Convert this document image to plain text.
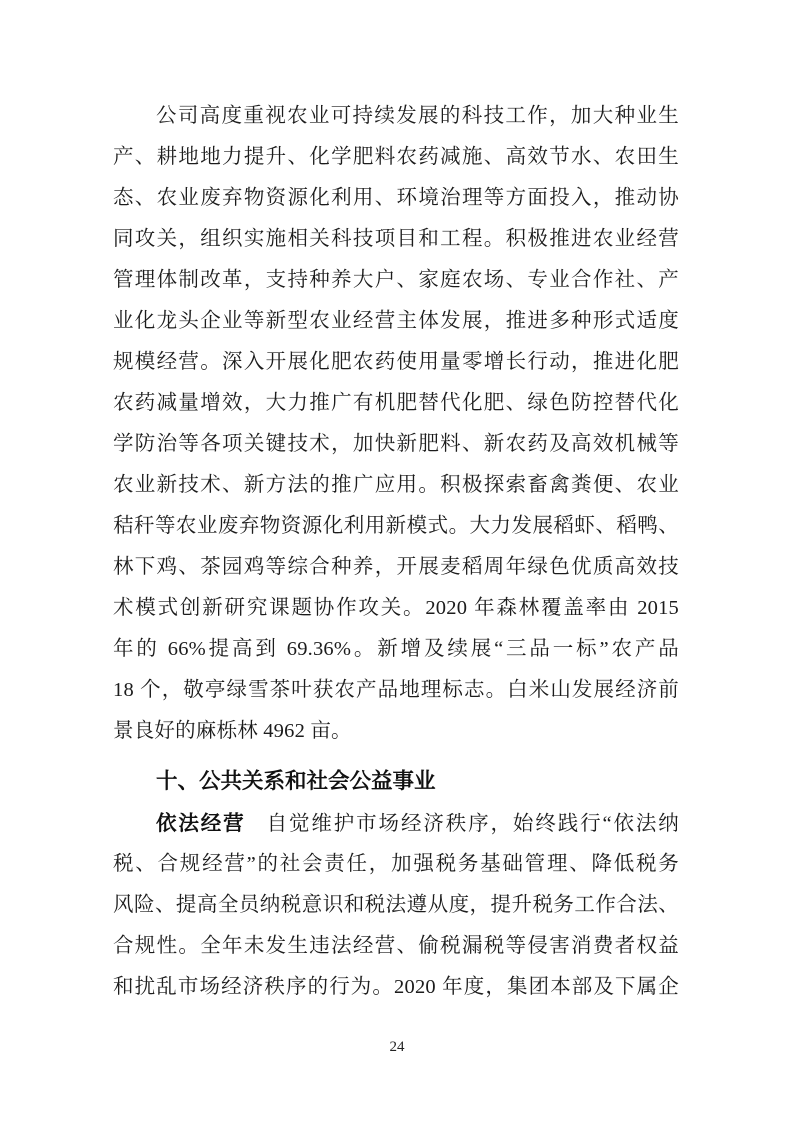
公司高度重视农业可持续发展的科技工作，加大种业生
产、耕地地力提升、化学肥料农药减施、高效节水、农田生
态、农业废弃物资源化利用、环境治理等方面投入，推动协
同攻关，组织实施相关科技项目和工程。积极推进农业经营
管理体制改革，支持种养大户、家庭农场、专业合作社、产
业化龙头企业等新型农业经营主体发展，推进多种形式适度
规模经营。深入开展化肥农药使用量零增长行动，推进化肥
农药减量增效，大力推广有机肥替代化肥、绿色防控替代化
学防治等各项关键技术，加快新肥料、新农药及高效机械等
农业新技术、新方法的推广应用。积极探索畜禽粪便、农业
秸秆等农业废弃物资源化利用新模式。大力发展稻虾、稻鸭、
林下鸡、茶园鸡等综合种养，开展麦稻周年绿色优质高效技
术模式创新研究课题协作攻关。2020 年森林覆盖率由 2015
年的 66%提高到 69.36%。新增及续展“三品一标”农产品
18 个，敬亭绿雪茶叶获农产品地理标志。白米山发展经济前
景良好的麻栎林 4962 亩。
十、公共关系和社会公益事业
依法经营 自觉维护市场经济秩序，始终践行“依法纳
税、合规经营”的社会责任，加强税务基础管理、降低税务
风险、提高全员纳税意识和税法遵从度，提升税务工作合法、
合规性。全年未发生违法经营、偷税漏税等侵害消费者权益
和扰乱市场经济秩序的行为。2020 年度，集团本部及下属企
24
